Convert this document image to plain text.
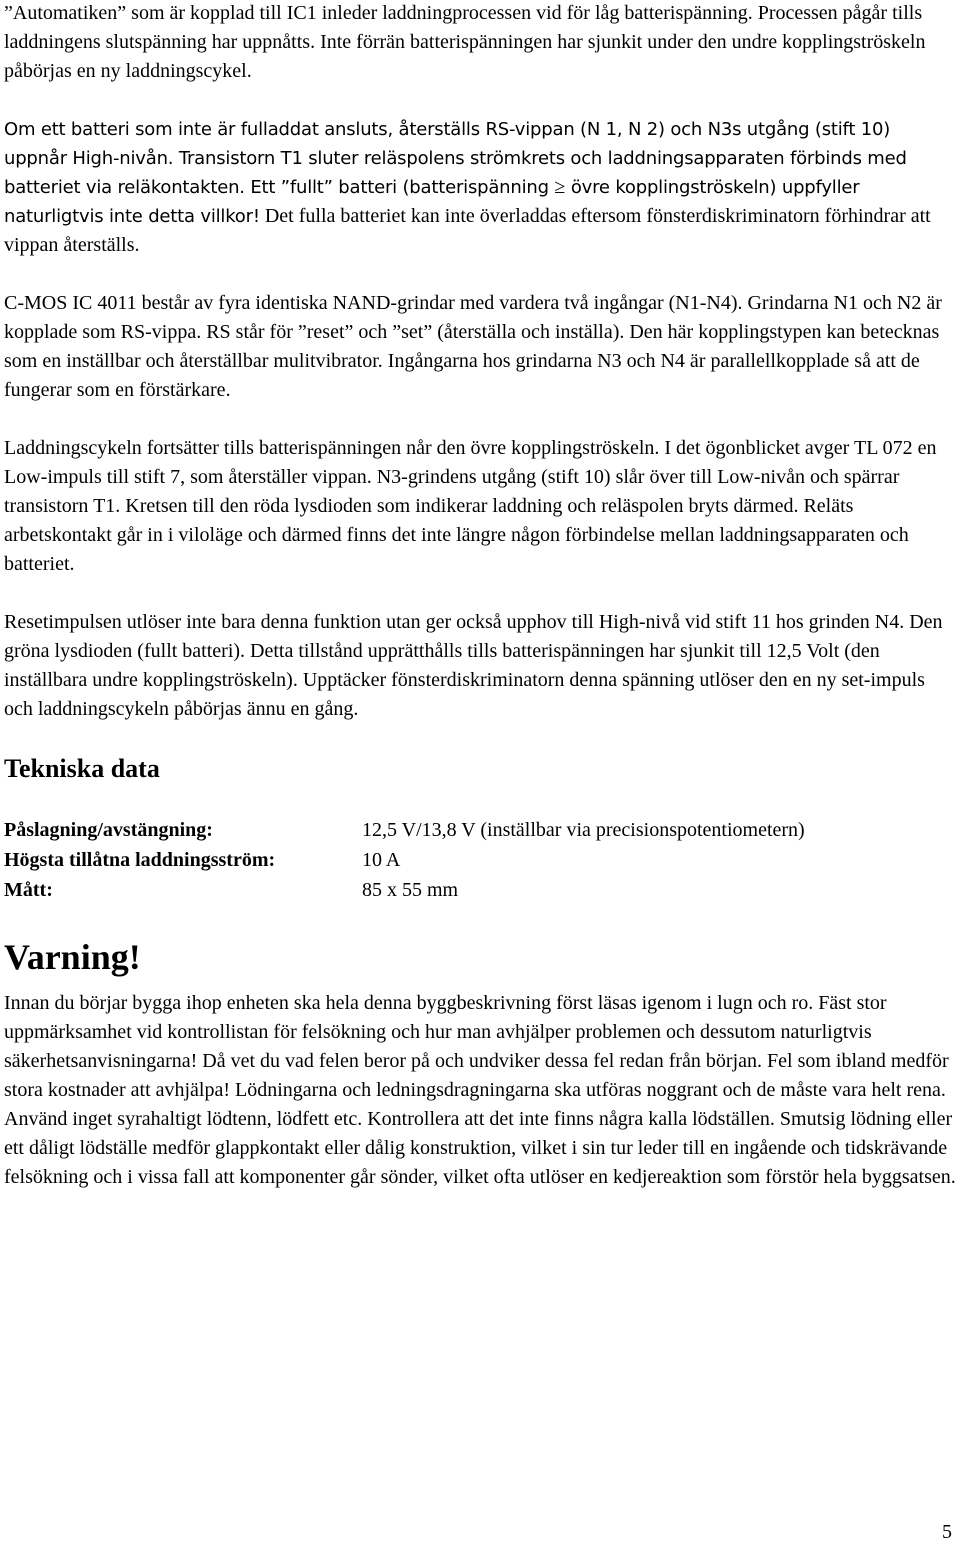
”Automatiken” som är kopplad till IC1 inleder laddningprocessen vid för låg batterispänning. Processen pågår tills laddningens slutspänning har uppnåtts. Inte förrän batterispänningen har sjunkit under den undre kopplingströskeln påbörjas en ny laddningscykel.

Om ett batteri som inte är fulladdat ansluts, återställs RS-vippan (N 1, N 2) och N3s utgång (stift 10) uppnår High-nivån. Transistorn T1 sluter reläspolens strömkrets och laddningsapparaten förbinds med batteriet via reläkontakten. Ett ”fullt” batteri (batterispänning ≥ övre kopplingströskeln) uppfyller naturligtvis inte detta villkor! Det fulla batteriet kan inte överladdas eftersom fönsterdiskriminatorn förhindrar att vippan återställs.

C-MOS IC 4011 består av fyra identiska NAND-grindar med vardera två ingångar (N1-N4). Grindarna N1 och N2 är kopplade som RS-vippa. RS står för ”reset” och ”set” (återställa och inställa). Den här kopplingstypen kan betecknas som en inställbar och återställbar mulitvibrator. Ingångarna hos grindarna N3 och N4 är parallellkopplade så att de fungerar som en förstärkare.

Laddningscykeln fortsätter tills batterispänningen når den övre kopplingströskeln. I det ögonblicket avger TL 072 en Low-impuls till stift 7, som återställer vippan. N3-grindens utgång (stift 10) slår över till Low-nivån och spärrar transistorn T1. Kretsen till den röda lysdioden som indikerar laddning och reläspolen bryts därmed. Reläts arbetskontakt går in i viloläge och därmed finns det inte längre någon förbindelse mellan laddningsapparaten och batteriet.

Resetimpulsen utlöser inte bara denna funktion utan ger också upphov till High-nivå vid stift 11 hos grinden N4. Den gröna lysdioden (fullt batteri). Detta tillstånd upprätthålls tills batterispänningen har sjunkit till 12,5 Volt (den inställbara undre kopplingströskeln). Upptäcker fönsterdiskriminatorn denna spänning utlöser den en ny set-impuls och laddningscykeln påbörjas ännu en gång.

Tekniska data
Påslagning/avstängning:	12,5 V/13,8 V (inställbar via precisionspotentiometern)
Högsta tillåtna laddningsström:	10 A
Mått:	85 x 55 mm
Varning!

Innan du börjar bygga ihop enheten ska hela denna byggbeskrivning först läsas igenom i lugn och ro. Fäst stor uppmärksamhet vid kontrollistan för felsökning och hur man avhjälper problemen och dessutom naturligtvis säkerhetsanvisningarna! Då vet du vad felen beror på och undviker dessa fel redan från början. Fel som ibland medför stora kostnader att avhjälpa! Lödningarna och ledningsdragningarna ska utföras noggrant och de måste vara helt rena. Använd inget syrahaltigt lödtenn, lödfett etc. Kontrollera att det inte finns några kalla lödställen. Smutsig lödning eller ett dåligt lödställe medför glappkontakt eller dålig konstruktion, vilket i sin tur leder till en ingående och tidskrävande felsökning och i vissa fall att komponenter går sönder, vilket ofta utlöser en kedjereaktion som förstör hela byggsatsen.

5
